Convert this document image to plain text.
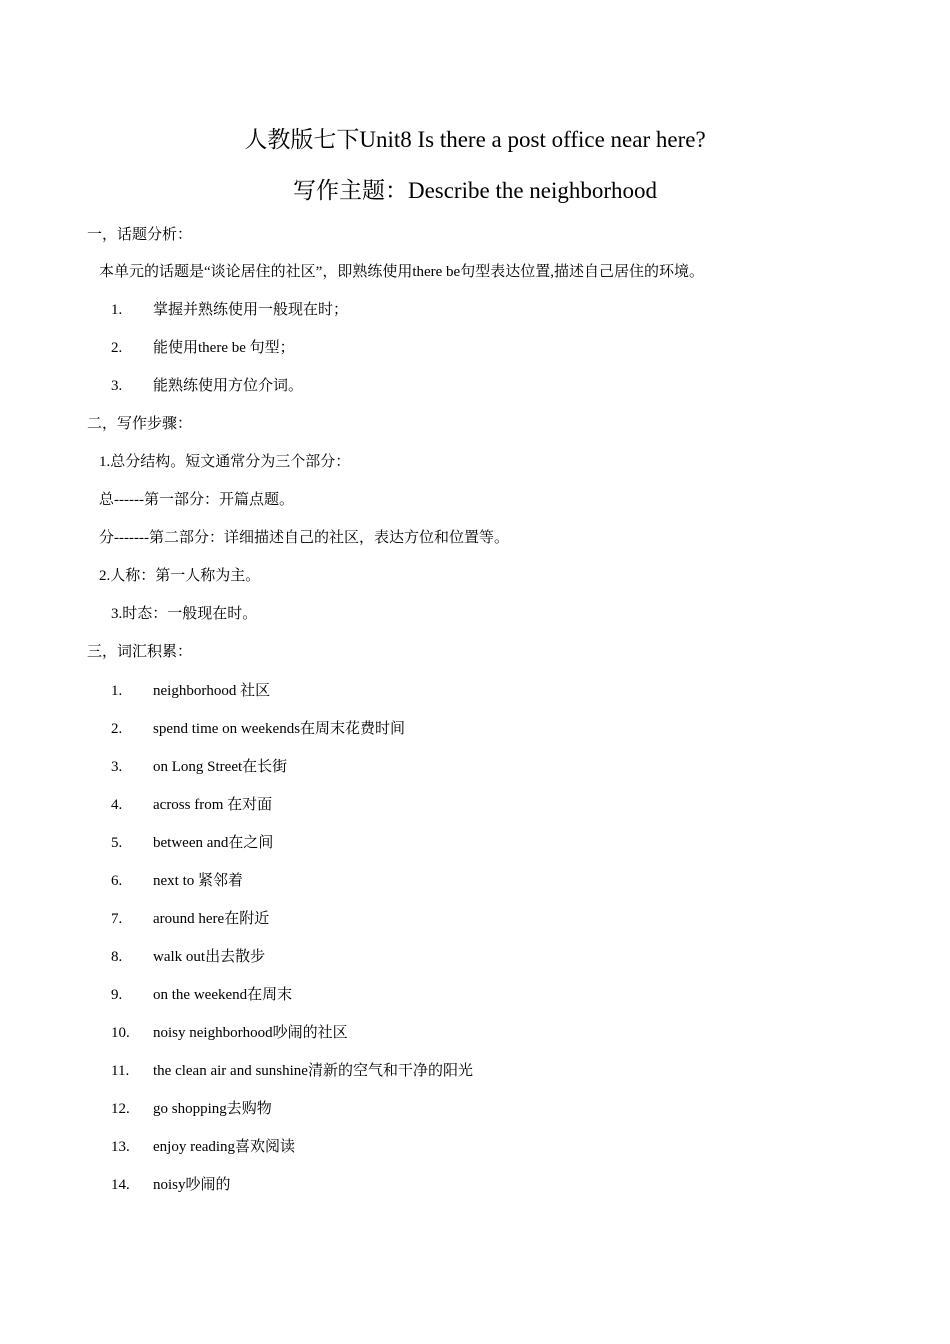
人教版七下Unit8 Is there a post office near here?
写作主题：Describe the neighborhood
一，话题分析：
本单元的话题是“谈论居住的社区”，即熟练使用there be句型表达位置,描述自己居住的环境。
1. 掌握并熟练使用一般现在时；
2. 能使用there be 句型；
3. 能熟练使用方位介词。
二，写作步骤：
1.总分结构。短文通常分为三个部分：
总------第一部分：开篇点题。
分-------第二部分：详细描述自己的社区，表达方位和位置等。
2.人称：第一人称为主。
3.时态：一般现在时。
三，词汇积累：
1. neighborhood 社区
2. spend time on weekends在周末花费时间
3. on Long Street在长街
4. across from 在对面
5. between and在之间
6. next to 紧邻着
7. around here在附近
8. walk out出去散步
9. on the weekend在周末
10. noisy neighborhood吵闹的社区
11. the clean air and sunshine清新的空气和干净的阳光
12. go shopping去购物
13. enjoy reading喜欢阅读
14. noisy吵闹的
